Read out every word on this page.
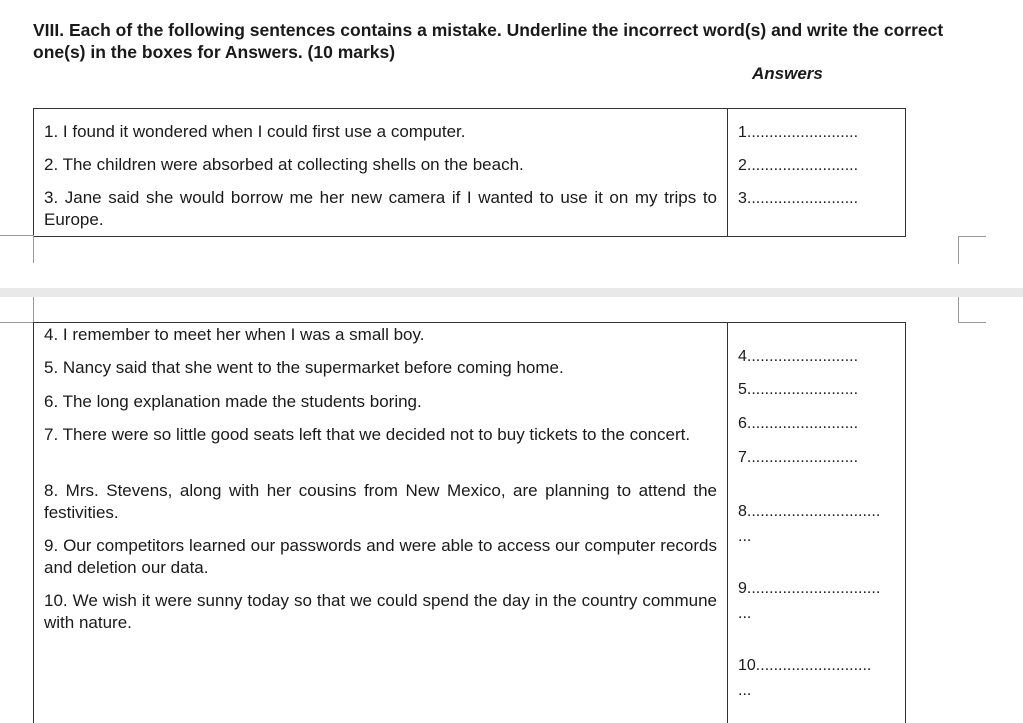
VIII. Each of the following sentences contains a mistake. Underline the incorrect word(s) and write the correct one(s) in the boxes for Answers. (10 marks)
Answers
1. I found it wondered when I could first use a computer.
2. The children were absorbed at collecting shells on the beach.
3. Jane said she would borrow me her new camera if I wanted to use it on my trips to Europe.
1.........................
2.........................
3.........................
4. I remember to meet her when I was a small boy.
5. Nancy said that she went to the supermarket before coming home.
6. The long explanation made the students boring.
7. There were so little good seats left that we decided not to buy tickets to the concert.
8. Mrs. Stevens, along with her cousins from New Mexico, are planning to attend the festivities.
9. Our competitors learned our passwords and were able to access our computer records and deletion our data.
10. We wish it were sunny today so that we could spend the day in the country commune with nature.
4.........................
5.........................
6.........................
7.........................
8..............................
...
9..............................
...
10..........................
...
